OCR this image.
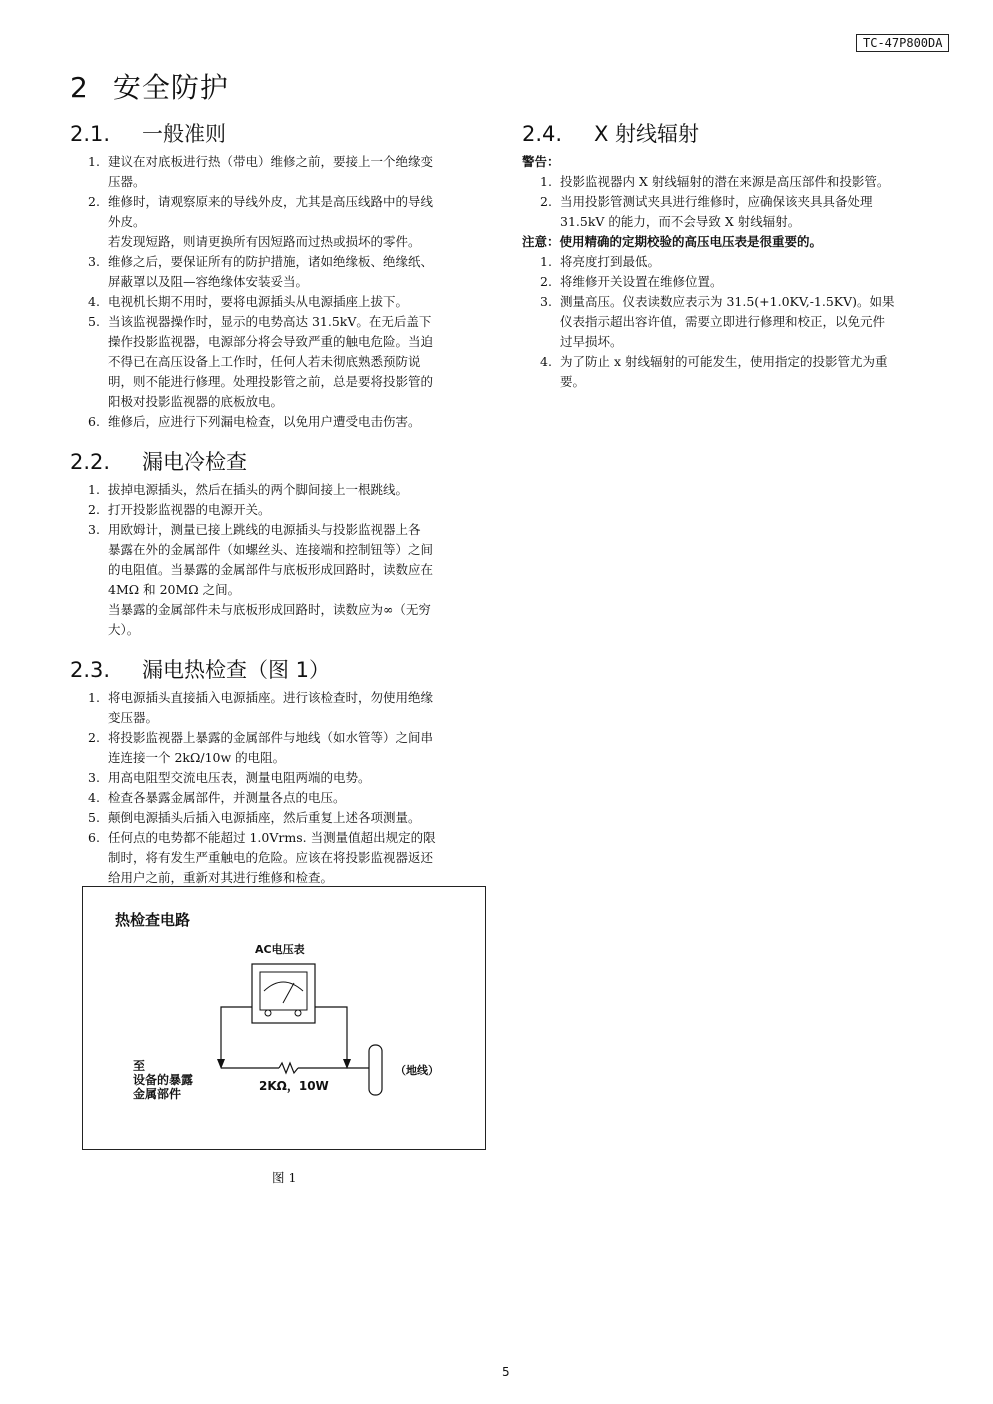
TC-47P800DA
2 安全防护
2.1. 一般准则
1. 建议在对底板进行热（带电）维修之前，要接上一个绝缘变
压器。
2. 维修时，请观察原来的导线外皮，尤其是高压线路中的导线
外皮。
若发现短路，则请更换所有因短路而过热或损坏的零件。
3. 维修之后，要保证所有的防护措施，诸如绝缘板、绝缘纸、
屏蔽罩以及阻—容绝缘体安装妥当。
4. 电视机长期不用时，要将电源插头从电源插座上拔下。
5. 当该监视器操作时，显示的电势高达 31.5kV。在无后盖下
操作投影监视器，电源部分将会导致严重的触电危险。当迫
不得已在高压设备上工作时，任何人若未彻底熟悉预防说
明，则不能进行修理。处理投影管之前，总是要将投影管的
阳极对投影监视器的底板放电。
6. 维修后，应进行下列漏电检查，以免用户遭受电击伤害。
2.2. 漏电冷检查
1. 拔掉电源插头，然后在插头的两个脚间接上一根跳线。
2. 打开投影监视器的电源开关。
3. 用欧姆计，测量已接上跳线的电源插头与投影监视器上各
暴露在外的金属部件（如螺丝头、连接端和控制钮等）之间
的电阻值。当暴露的金属部件与底板形成回路时，读数应在
4MΩ 和 20MΩ 之间。
当暴露的金属部件未与底板形成回路时，读数应为∞（无穷
大）。
2.3. 漏电热检查（图 1）
1. 将电源插头直接插入电源插座。进行该检查时，勿使用绝缘
变压器。
2. 将投影监视器上暴露的金属部件与地线（如水管等）之间串
连连接一个 2kΩ/10w 的电阻。
3. 用高电阻型交流电压表，测量电阻两端的电势。
4. 检查各暴露金属部件，并测量各点的电压。
5. 颠倒电源插头后插入电源插座，然后重复上述各项测量。
6. 任何点的电势都不能超过 1.0Vrms. 当测量值超出规定的限
制时，将有发生严重触电的危险。应该在将投影监视器返还
给用户之前，重新对其进行维修和检查。
2.4. X 射线辐射
警告：
1. 投影监视器内 X 射线辐射的潜在来源是高压部件和投影管。
2. 当用投影管测试夹具进行维修时，应确保该夹具具备处理
31.5kV 的能力，而不会导致 X 射线辐射。
注意：使用精确的定期校验的高压电压表是很重要的。
1. 将亮度打到最低。
2. 将维修开关设置在维修位置。
3. 测量高压。仪表读数应表示为 31.5(+1.0KV,-1.5KV)。如果
仪表指示超出容许值，需要立即进行修理和校正，以免元件
过早损坏。
4. 为了防止 x 射线辐射的可能发生，使用指定的投影管尤为重
要。
热检查电路
AC电压表
至
设备的暴露
金属部件
2KΩ，10W
（地线）
图 1
5
